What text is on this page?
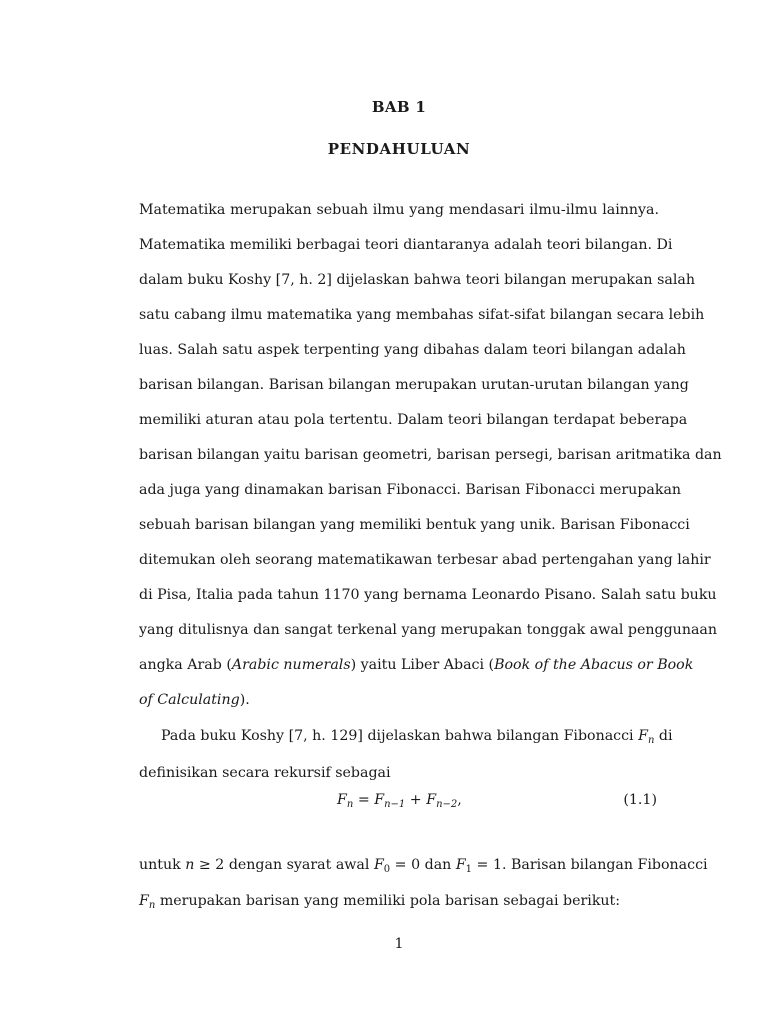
BAB 1
PENDAHULUAN
Matematika merupakan sebuah ilmu yang mendasari ilmu-ilmu lainnya.
Matematika memiliki berbagai teori diantaranya adalah teori bilangan. Di
dalam buku Koshy [7, h. 2] dijelaskan bahwa teori bilangan merupakan salah
satu cabang ilmu matematika yang membahas sifat-sifat bilangan secara lebih
luas. Salah satu aspek terpenting yang dibahas dalam teori bilangan adalah
barisan bilangan. Barisan bilangan merupakan urutan-urutan bilangan yang
memiliki aturan atau pola tertentu. Dalam teori bilangan terdapat beberapa
barisan bilangan yaitu barisan geometri, barisan persegi, barisan aritmatika dan
ada juga yang dinamakan barisan Fibonacci. Barisan Fibonacci merupakan
sebuah barisan bilangan yang memiliki bentuk yang unik. Barisan Fibonacci
ditemukan oleh seorang matematikawan terbesar abad pertengahan yang lahir
di Pisa, Italia pada tahun 1170 yang bernama Leonardo Pisano. Salah satu buku
yang ditulisnya dan sangat terkenal yang merupakan tonggak awal penggunaan
angka Arab (Arabic numerals) yaitu Liber Abaci (Book of the Abacus or Book
of Calculating).
Pada buku Koshy [7, h. 129] dijelaskan bahwa bilangan Fibonacci $F_n$ di
definisikan secara rekursif sebagai
$F_n = F_{n-1} + F_{n-2}$,	(1.1)
untuk n ≥ 2 dengan syarat awal $F_0 = 0$ dan $F_1 = 1$. Barisan bilangan Fibonacci
$F_n$ merupakan barisan yang memiliki pola barisan sebagai berikut:
1
